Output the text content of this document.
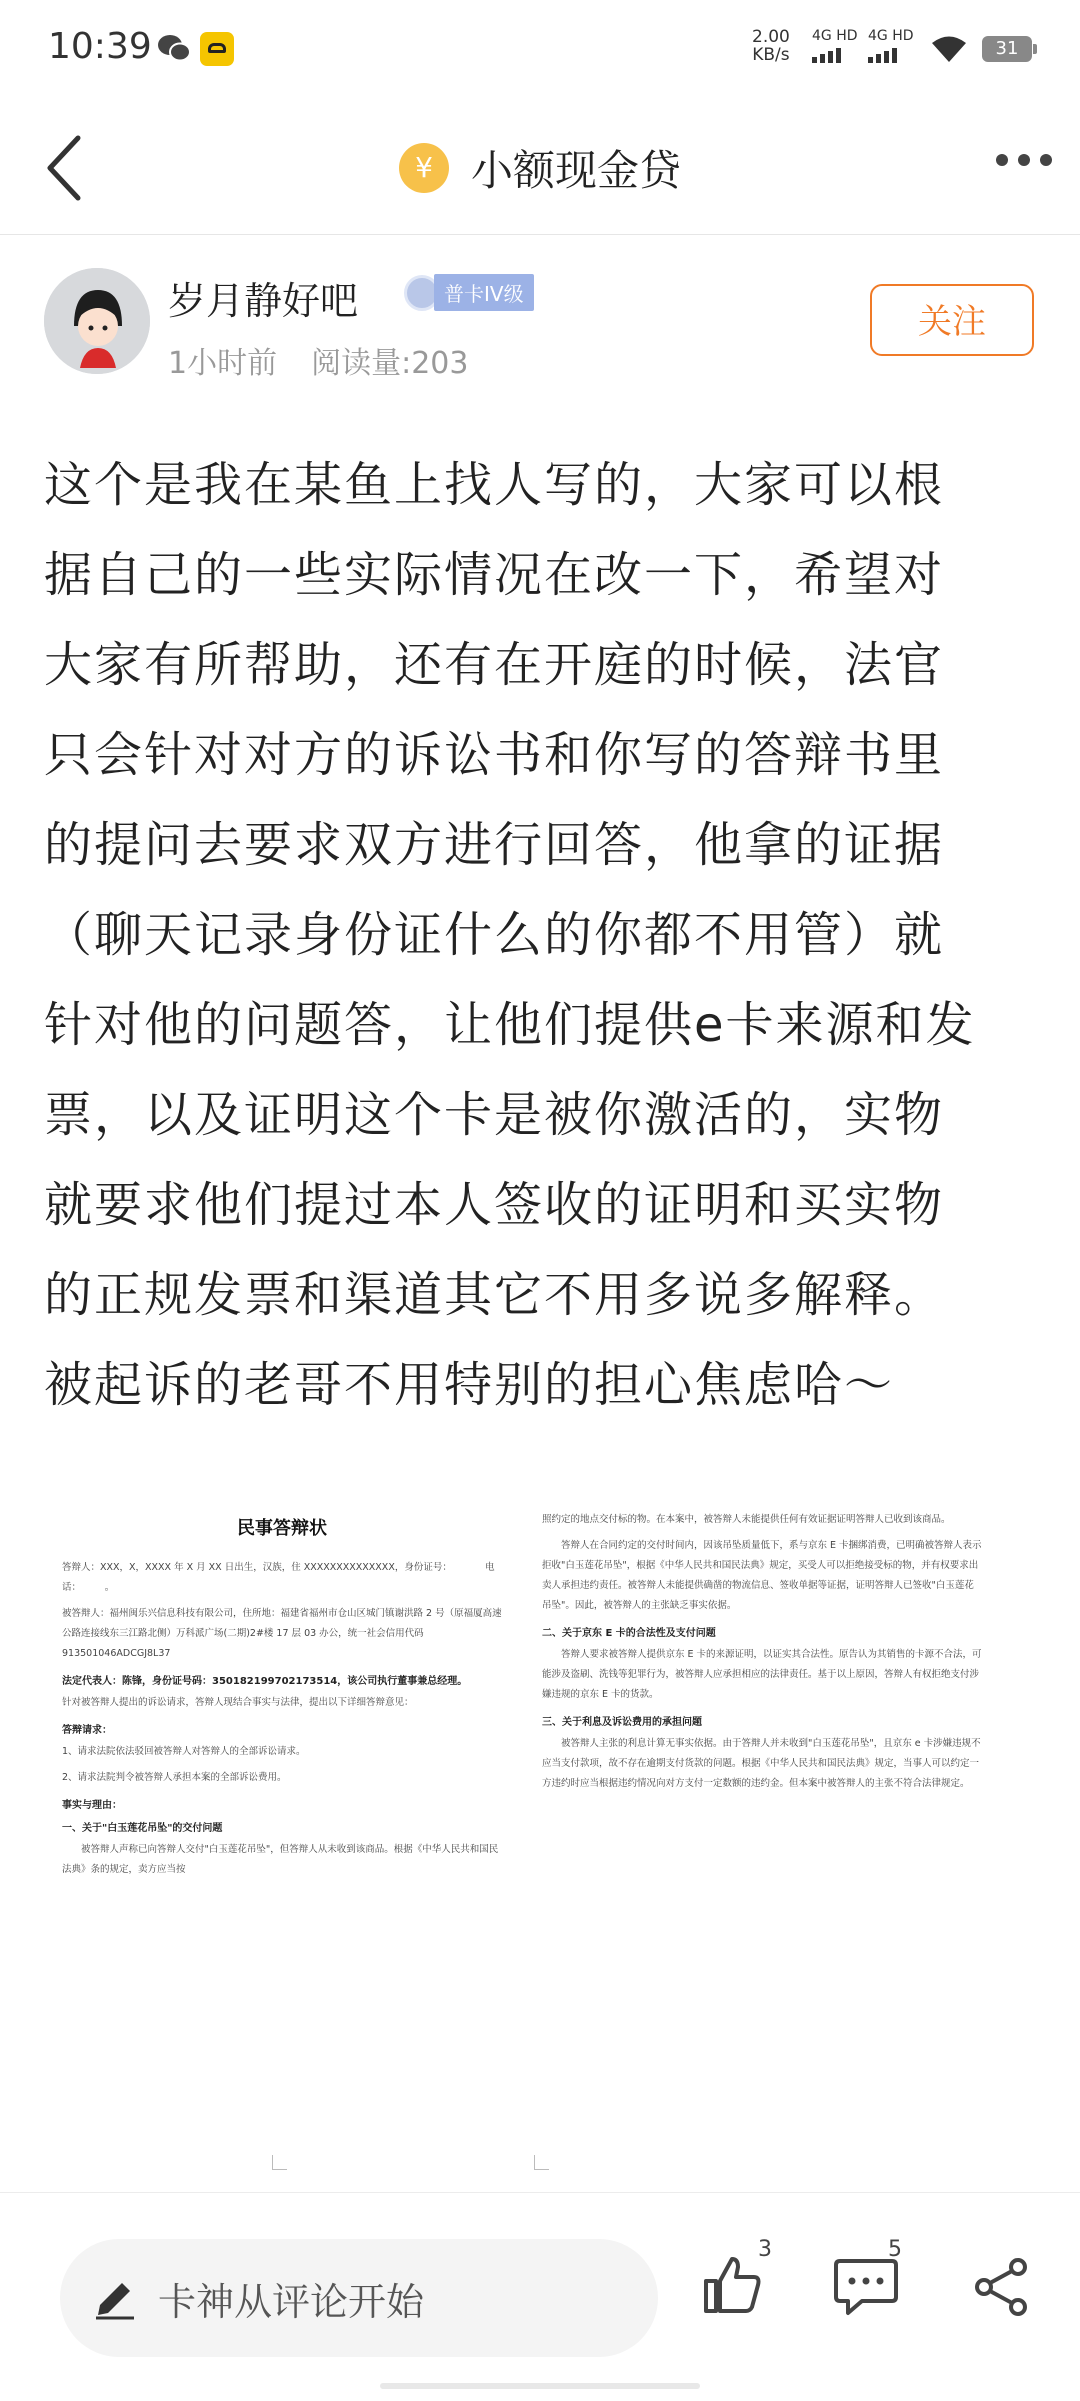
10:39	2.00
KB/s
4G HD 4G HD
31
¥ 小额现金贷
岁月静好吧	普卡IV级
1小时前 阅读量:203
关注
这个是我在某鱼上找人写的，大家可以根
据自己的一些实际情况在改一下，希望对
大家有所帮助，还有在开庭的时候，法官
只会针对对方的诉讼书和你写的答辩书里
的提问去要求双方进行回答，他拿的证据
（聊天记录身份证什么的你都不用管）就
针对他的问题答，让他们提供e卡来源和发
票，以及证明这个卡是被你激活的，实物
就要求他们提过本人签收的证明和买实物
的正规发票和渠道其它不用多说多解释。
被起诉的老哥不用特别的担心焦虑哈～
民事答辩状
答辩人：XXX，X，XXXX 年 X 月 XX 日出生，汉族，住 XXXXXXXXXXXXXX，身份证号：　　　　电话：　　　。
被答辩人：福州闽乐兴信息科技有限公司，住所地：福建省福州市仓山区城门镇谢洪路 2 号（原福厦高速公路连接线东三江路北侧）万科派广场(二期)2#楼 17 层 03 办公，统一社会信用代码913501046ADCGJ8L37
法定代表人：陈锋，身份证号码：350182199702173514，该公司执行董事兼总经理。
针对被答辩人提出的诉讼请求，答辩人现结合事实与法律，提出以下详细答辩意见：
答辩请求：
1、请求法院依法驳回被答辩人对答辩人的全部诉讼请求。
2、请求法院判令被答辩人承担本案的全部诉讼费用。
事实与理由：
一、关于"白玉莲花吊坠"的交付问题
被答辩人声称已向答辩人交付"白玉莲花吊坠"，但答辩人从未收到该商品。根据《中华人民共和国民法典》条的规定，卖方应当按
照约定的地点交付标的物。在本案中，被答辩人未能提供任何有效证据证明答辩人已收到该商品。
答辩人在合同约定的交付时间内，因该吊坠质量低下，系与京东 E 卡捆绑消费，已明确被答辩人表示拒收"白玉莲花吊坠"，根据《中华人民共和国民法典》规定，买受人可以拒绝接受标的物，并有权要求出卖人承担违约责任。被答辩人未能提供确凿的物流信息、签收单据等证据，证明答辩人已签收"白玉莲花吊坠"。因此，被答辩人的主张缺乏事实依据。
二、关于京东 E 卡的合法性及支付问题
答辩人要求被答辩人提供京东 E 卡的来源证明，以证实其合法性。原告认为其销售的卡源不合法，可能涉及盗刷、洗钱等犯罪行为，被答辩人应承担相应的法律责任。基于以上原因，答辩人有权拒绝支付涉嫌违规的京东 E 卡的货款。
三、关于利息及诉讼费用的承担问题
被答辩人主张的利息计算无事实依据。由于答辩人并未收到"白玉莲花吊坠"，且京东 e 卡涉嫌违规不应当支付款项，故不存在逾期支付货款的问题。根据《中华人民共和国民法典》规定，当事人可以约定一方违约时应当根据违约情况向对方支付一定数额的违约金。但本案中被答辩人的主张不符合法律规定。
卡神从评论开始
3	5
